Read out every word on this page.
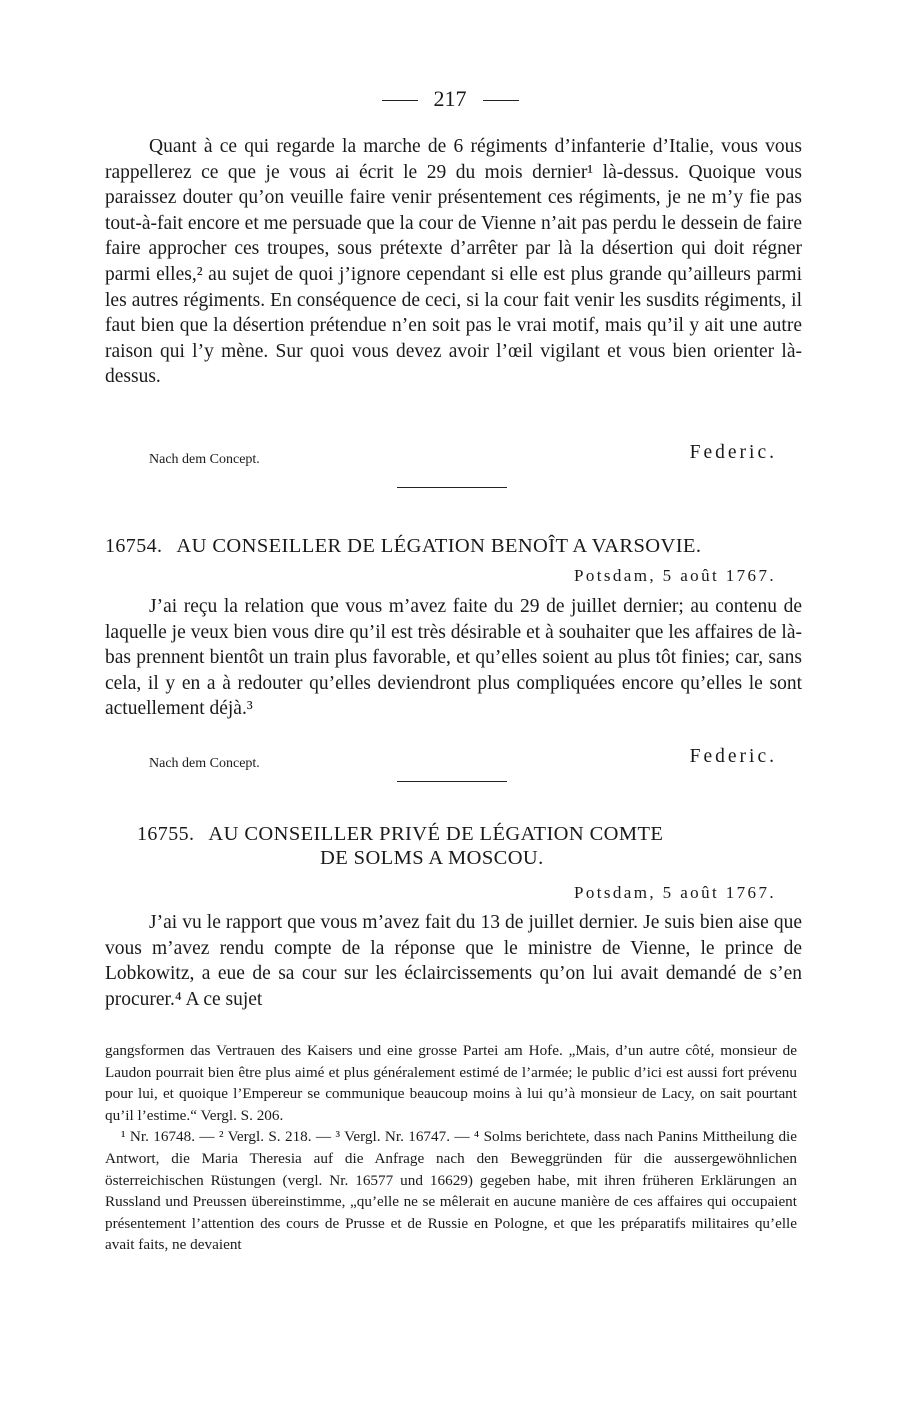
217

Quant à ce qui regarde la marche de 6 régiments d’infanterie d’Italie, vous vous rappellerez ce que je vous ai écrit le 29 du mois dernier¹ là-dessus. Quoique vous paraissez douter qu’on veuille faire venir présentement ces régiments, je ne m’y fie pas tout-à-fait encore et me persuade que la cour de Vienne n’ait pas perdu le dessein de faire faire approcher ces troupes, sous prétexte d’arrêter par là la désertion qui doit régner parmi elles,² au sujet de quoi j’ignore cependant si elle est plus grande qu’ailleurs parmi les autres régiments. En conséquence de ceci, si la cour fait venir les susdits régiments, il faut bien que la désertion prétendue n’en soit pas le vrai motif, mais qu’il y ait une autre raison qui l’y mène. Sur quoi vous devez avoir l’œil vigilant et vous bien orienter là-dessus.

Nach dem Concept.	Federic.
16754. AU CONSEILLER DE LÉGATION BENOÎT A VARSOVIE.
Potsdam, 5 août 1767.

J’ai reçu la relation que vous m’avez faite du 29 de juillet dernier; au contenu de laquelle je veux bien vous dire qu’il est très désirable et à souhaiter que les affaires de là-bas prennent bientôt un train plus favorable, et qu’elles soient au plus tôt finies; car, sans cela, il y en a à redouter qu’elles deviendront plus compliquées encore qu’elles le sont actuellement déjà.³

Nach dem Concept.	Federic.
16755. AU CONSEILLER PRIVÉ DE LÉGATION COMTE
DE SOLMS A MOSCOU.
Potsdam, 5 août 1767.

J’ai vu le rapport que vous m’avez fait du 13 de juillet dernier. Je suis bien aise que vous m’avez rendu compte de la réponse que le ministre de Vienne, le prince de Lobkowitz, a eue de sa cour sur les éclaircissements qu’on lui avait demandé de s’en procurer.⁴ A ce sujet

gangsformen das Vertrauen des Kaisers und eine grosse Partei am Hofe. „Mais, d’un autre côté, monsieur de Laudon pourrait bien être plus aimé et plus généralement estimé de l’armée; le public d’ici est aussi fort prévenu pour lui, et quoique l’Empereur se communique beaucoup moins à lui qu’à monsieur de Lacy, on sait pourtant qu’il l’estime.“ Vergl. S. 206.

¹ Nr. 16748. — ² Vergl. S. 218. — ³ Vergl. Nr. 16747. — ⁴ Solms berichtete, dass nach Panins Mittheilung die Antwort, die Maria Theresia auf die Anfrage nach den Beweggründen für die aussergewöhnlichen österreichischen Rüstungen (vergl. Nr. 16577 und 16629) gegeben habe, mit ihren früheren Erklärungen an Russland und Preussen übereinstimme, „qu’elle ne se mêlerait en aucune manière de ces affaires qui occupaient présentement l’attention des cours de Prusse et de Russie en Pologne, et que les préparatifs militaires qu’elle avait faits, ne devaient
